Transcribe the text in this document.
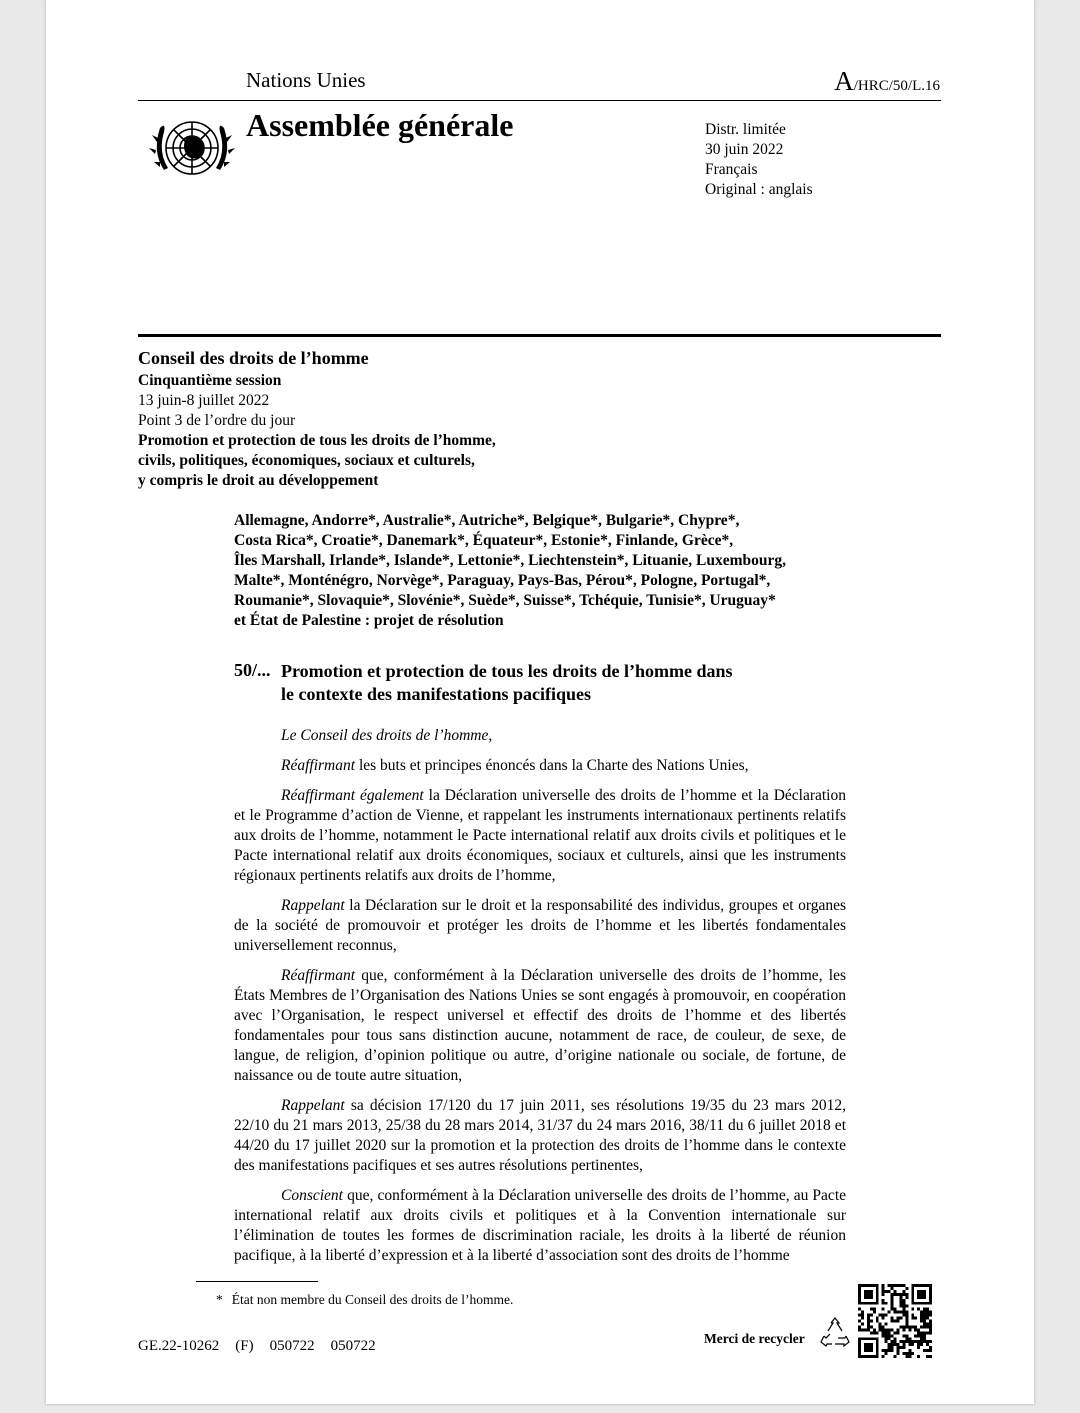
Nations Unies	A/HRC/50/L.16
Assemblée générale	Distr. limitée
30 juin 2022
Français
Original : anglais
Conseil des droits de l’homme
Cinquantième session
13 juin-8 juillet 2022
Point 3 de l’ordre du jour
Promotion et protection de tous les droits de l’homme,
civils, politiques, économiques, sociaux et culturels,
y compris le droit au développement
Allemagne, Andorre*, Australie*, Autriche*, Belgique*, Bulgarie*, Chypre*,
Costa Rica*, Croatie*, Danemark*, Équateur*, Estonie*, Finlande, Grèce*,
Îles Marshall, Irlande*, Islande*, Lettonie*, Liechtenstein*, Lituanie, Luxembourg,
Malte*, Monténégro, Norvège*, Paraguay, Pays-Bas, Pérou*, Pologne, Portugal*,
Roumanie*, Slovaquie*, Slovénie*, Suède*, Suisse*, Tchéquie, Tunisie*, Uruguay*
et État de Palestine : projet de résolution
50/... Promotion et protection de tous les droits de l’homme dans
le contexte des manifestations pacifiques

Le Conseil des droits de l’homme,

Réaffirmant les buts et principes énoncés dans la Charte des Nations Unies,

Réaffirmant également la Déclaration universelle des droits de l’homme et la Déclaration et le Programme d’action de Vienne, et rappelant les instruments internationaux pertinents relatifs aux droits de l’homme, notamment le Pacte international relatif aux droits civils et politiques et le Pacte international relatif aux droits économiques, sociaux et culturels, ainsi que les instruments régionaux pertinents relatifs aux droits de l’homme,

Rappelant la Déclaration sur le droit et la responsabilité des individus, groupes et organes de la société de promouvoir et protéger les droits de l’homme et les libertés fondamentales universellement reconnus,

Réaffirmant que, conformément à la Déclaration universelle des droits de l’homme, les États Membres de l’Organisation des Nations Unies se sont engagés à promouvoir, en coopération avec l’Organisation, le respect universel et effectif des droits de l’homme et des libertés fondamentales pour tous sans distinction aucune, notamment de race, de couleur, de sexe, de langue, de religion, d’opinion politique ou autre, d’origine nationale ou sociale, de fortune, de naissance ou de toute autre situation,

Rappelant sa décision 17/120 du 17 juin 2011, ses résolutions 19/35 du 23 mars 2012, 22/10 du 21 mars 2013, 25/38 du 28 mars 2014, 31/37 du 24 mars 2016, 38/11 du 6 juillet 2018 et 44/20 du 17 juillet 2020 sur la promotion et la protection des droits de l’homme dans le contexte des manifestations pacifiques et ses autres résolutions pertinentes,

Conscient que, conformément à la Déclaration universelle des droits de l’homme, au Pacte international relatif aux droits civils et politiques et à la Convention internationale sur l’élimination de toutes les formes de discrimination raciale, les droits à la liberté de réunion pacifique, à la liberté d’expression et à la liberté d’association sont des droits de l’homme

* État non membre du Conseil des droits de l’homme.
GE.22-10262 (F) 050722 050722	Merci de recycler
